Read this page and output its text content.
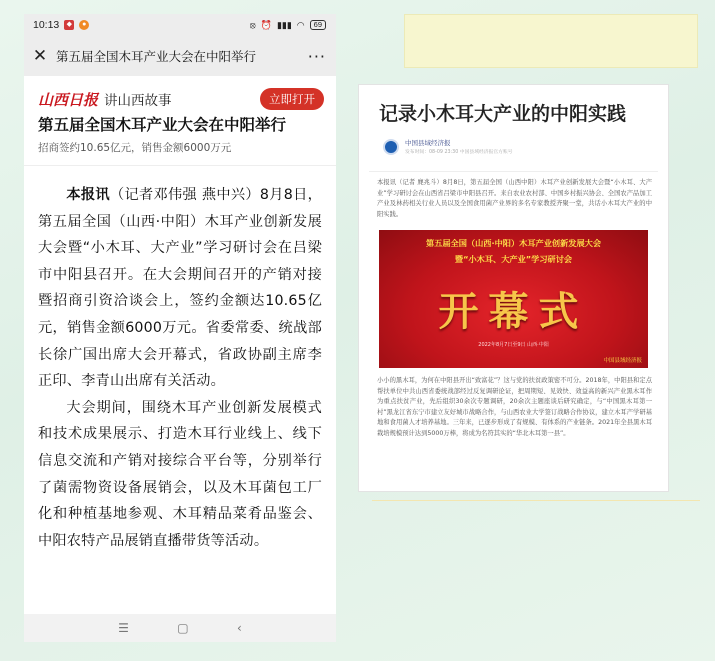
10:13	◆	●	⦻ ⏰ ▮▮▮ ◠	69
✕ 第五届全国木耳产业大会在中阳举行	···
山西日报 讲山西故事	立即打开
第五届全国木耳产业大会在中阳举行
招商签约10.65亿元，销售金额6000万元

本报讯（记者邓伟强 燕中兴）8月8日，第五届全国（山西·中阳）木耳产业创新发展大会暨“小木耳、大产业”学习研讨会在吕梁市中阳县召开。在大会期间召开的产销对接暨招商引资洽谈会上，签约金额达10.65亿元，销售金额6000万元。省委常委、统战部长徐广国出席大会开幕式，省政协副主席李正印、李青山出席有关活动。

大会期间，围绕木耳产业创新发展模式和技术成果展示、打造木耳行业线上、线下信息交流和产销对接综合平台等，分别举行了菌需物资设备展销会，以及木耳菌包工厂化和种植基地参观、木耳精品菜肴品鉴会、中阳农特产品展销直播带货等活动。

☰	▢	‹
记录小木耳大产业的中阳实践
中国县域经济报
发布时间：08-09 23:30 中国县域经济报官方账号
本报讯（记者 麂兆斗）8月8日，第五届全国（山西中阳）木耳产业创新发展大会暨“小木耳、大产业”学习研讨会在山西省吕梁市中阳县召开。来自农业农村部、中国乡村振兴协会、全国农产品加工产业及林药相关行业人员以及全国食用菌产业界的多名专家教授齐聚一堂，共话小木耳大产业的中阳实践。
第五届全国（山西·中阳）木耳产业创新发展大会
暨“小木耳、大产业”学习研讨会
开幕式
2022年8月7日至9日 山西·中阳
中国县域经济报
小小的黑木耳，为何在中阳县开出“致富花”？这与党的扶贫政策密不可分。2018年，中阳县和定点帮扶单位中共山西省委统战部经过反复调研论证，把周期短、见效快、效益高的新兴产业黑木耳作为重点扶贫产业，先后组织30余次专题调研，20余次主题座谈后研究确定，与“中国黑木耳第一村”黑龙江省东宁市建立友好城市战略合作，与山西农业大学签订战略合作协议，建立木耳产学研基地和食用菌人才培养基地。三年来，已逐步形成了有规模、有体系的产业链条。2021年全县黑木耳栽培规模预计达到5000万棒，将成为名符其实的“华北木耳第一县”。
